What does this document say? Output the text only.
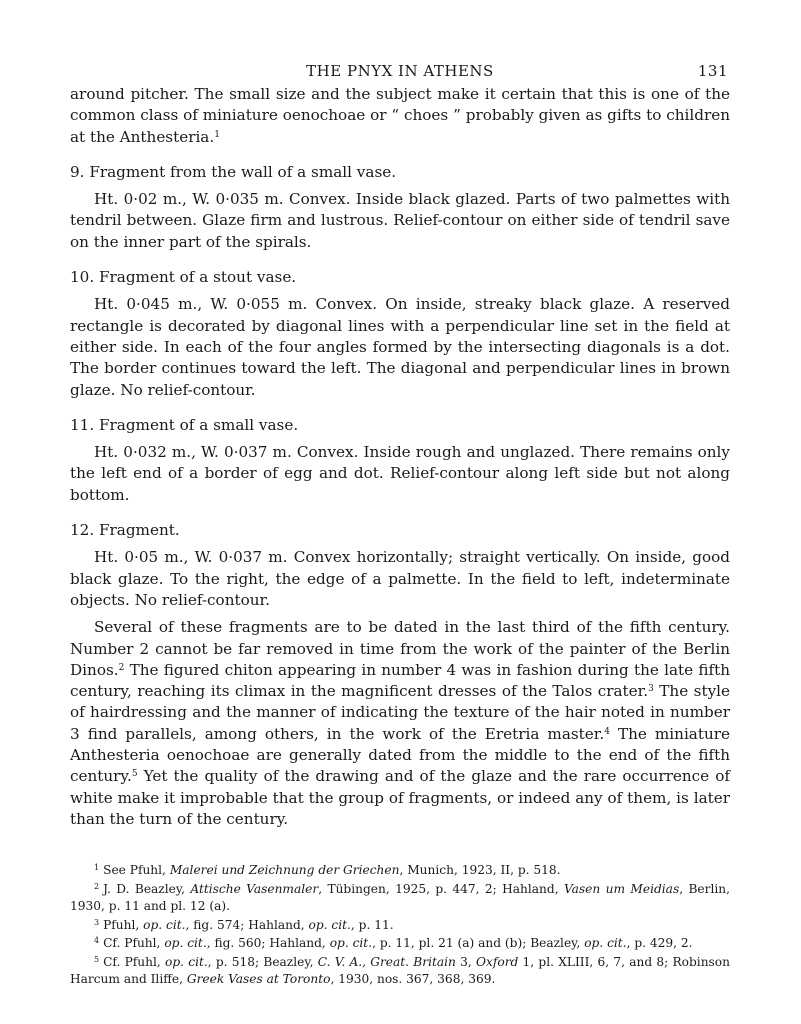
THE PNYX IN ATHENS	131

around pitcher. The small size and the subject make it certain that this is one of the common class of miniature oenochoae or “ choes ” probably given as gifts to children at the Anthesteria.$^1$

9. Fragment from the wall of a small vase.

Ht. 0·02 m., W. 0·035 m. Convex. Inside black glazed. Parts of two palmettes with tendril between. Glaze firm and lustrous. Relief-contour on either side of tendril save on the inner part of the spirals.

10. Fragment of a stout vase.

Ht. 0·045 m., W. 0·055 m. Convex. On inside, streaky black glaze. A reserved rectangle is decorated by diagonal lines with a perpendicular line set in the field at either side. In each of the four angles formed by the intersecting diagonals is a dot. The border continues toward the left. The diagonal and perpendicular lines in brown glaze. No relief-contour.

11. Fragment of a small vase.

Ht. 0·032 m., W. 0·037 m. Convex. Inside rough and unglazed. There remains only the left end of a border of egg and dot. Relief-contour along left side but not along bottom.

12. Fragment.

Ht. 0·05 m., W. 0·037 m. Convex horizontally; straight vertically. On inside, good black glaze. To the right, the edge of a palmette. In the field to left, indeterminate objects. No relief-contour.

Several of these fragments are to be dated in the last third of the fifth century. Number 2 cannot be far removed in time from the work of the painter of the Berlin Dinos.$^2$ The figured chiton appearing in number 4 was in fashion during the late fifth century, reaching its climax in the magnificent dresses of the Talos crater.$^3$ The style of hairdressing and the manner of indicating the texture of the hair noted in number 3 find parallels, among others, in the work of the Eretria master.$^4$ The miniature Anthesteria oenochoae are generally dated from the middle to the end of the fifth century.$^5$ Yet the quality of the drawing and of the glaze and the rare occurrence of white make it improbable that the group of fragments, or indeed any of them, is later than the turn of the century.

$^1$ See Pfuhl, Malerei und Zeichnung der Griechen, Munich, 1923, II, p. 518.

$^2$ J. D. Beazley, Attische Vasenmaler, Tübingen, 1925, p. 447, 2; Hahland, Vasen um Meidias, Berlin, 1930, p. 11 and pl. 12 (a).

$^3$ Pfuhl, op. cit., fig. 574; Hahland, op. cit., p. 11.

$^4$ Cf. Pfuhl, op. cit., fig. 560; Hahland, op. cit., p. 11, pl. 21 (a) and (b); Beazley, op. cit., p. 429, 2.

$^5$ Cf. Pfuhl, op. cit., p. 518; Beazley, C. V. A., Great. Britain 3, Oxford 1, pl. XLIII, 6, 7, and 8; Robinson Harcum and Iliffe, Greek Vases at Toronto, 1930, nos. 367, 368, 369.
